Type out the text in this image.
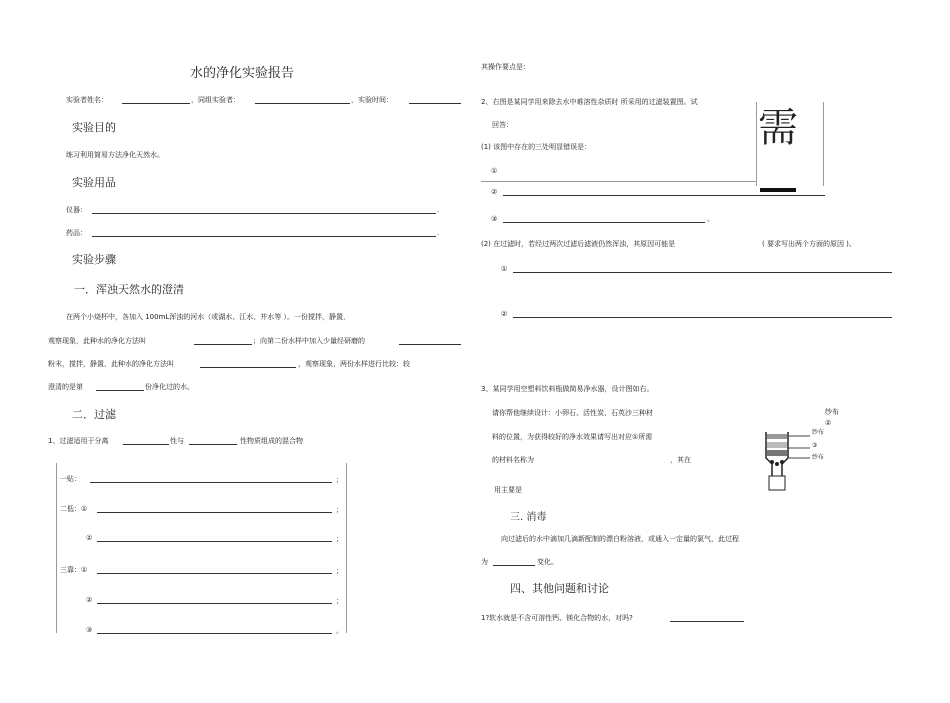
水的净化实验报告
实验者姓名：	，同组实验者：	，实验时间：
实验目的
练习利用简易方法净化天然水。
实验用品
仪器：	.
药品：	.
实验步骤
一．浑浊天然水的澄清
在两个小烧杯中，各加入 100mL浑浊的河水（或湖水、江水、井水等 ）。一份搅拌，静置，
观察现象，此种水的净化方法叫	；向第二份水样中加入少量经研磨的
粉末，搅拌，静置，此种水的净化方法叫	，观察现象，两份水样进行比较：较
澄清的是第	份净化过的水。
二．过滤
1、过滤适用于分离	性与	性物质组成的混合物
一贴：	；
二低：①	；
②	；
三靠：①	；
②	；
③	。
其操作要点是：
2、右图是某同学用来除去水中难溶性杂质时 所采用的过滤装置图。试
回答：
(1) 该图中存在的三处明显错误是：	需
①
②
③	。
(2) 在过滤时，若经过两次过滤后滤液仍然浑浊，其原因可能是	( 要求写出两个方面的原因 )。
①
②
3、某同学用空塑料饮料瓶做简易净水器，设计图如右。
请你帮他继续设计：小卵石、活性炭、石英沙三种材
料的位置，为获得较好的净水效果请写出对应①所需
的材料名称为	，其在
用主要是
纱布
②
纱布
③
纱布
三. 消毒
向过滤后的水中滴加几滴新配制的漂白粉溶液，或通入一定量的氯气，此过程
为	变化。
四、其他问题和讨论
1?软水就是不含可溶性钙、镁化合物的水，对吗?
